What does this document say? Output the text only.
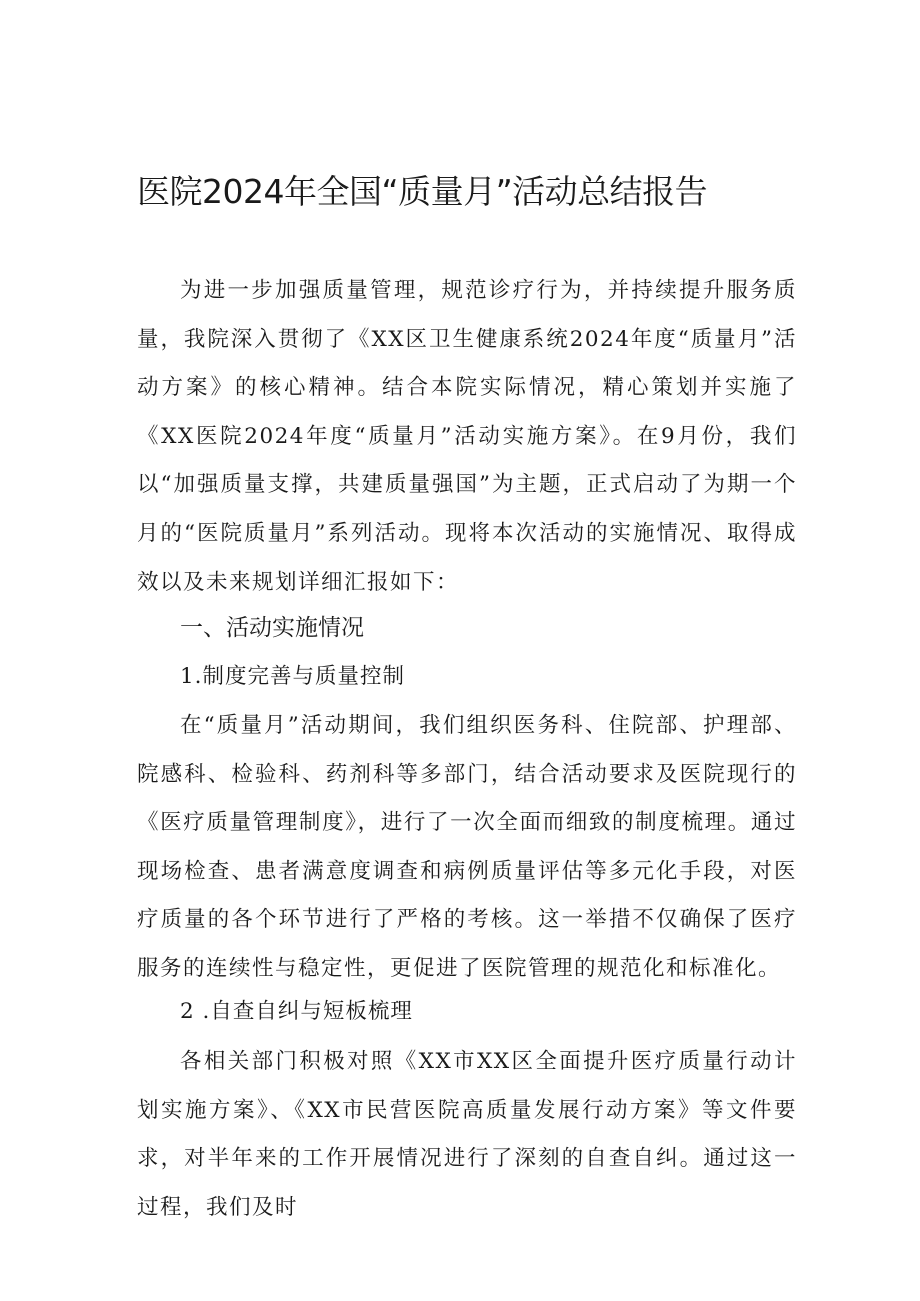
医院2024年全国“质量月”活动总结报告

为进一步加强质量管理，规范诊疗行为，并持续提升服务质量，我院深入贯彻了《XX区卫生健康系统2024年度“质量月”活动方案》的核心精神。结合本院实际情况，精心策划并实施了《XX医院2024年度“质量月”活动实施方案》。在9月份，我们以“加强质量支撑，共建质量强国”为主题，正式启动了为期一个月的“医院质量月”系列活动。现将本次活动的实施情况、取得成效以及未来规划详细汇报如下：

一、活动实施情况
1.制度完善与质量控制

在“质量月”活动期间，我们组织医务科、住院部、护理部、院感科、检验科、药剂科等多部门，结合活动要求及医院现行的《医疗质量管理制度》，进行了一次全面而细致的制度梳理。通过现场检查、患者满意度调查和病例质量评估等多元化手段，对医疗质量的各个环节进行了严格的考核。这一举措不仅确保了医疗服务的连续性与稳定性，更促进了医院管理的规范化和标准化。

2 .自查自纠与短板梳理

各相关部门积极对照《XX市XX区全面提升医疗质量行动计划实施方案》、《XX市民营医院高质量发展行动方案》等文件要求，对半年来的工作开展情况进行了深刻的自查自纠。通过这一过程，我们及时
